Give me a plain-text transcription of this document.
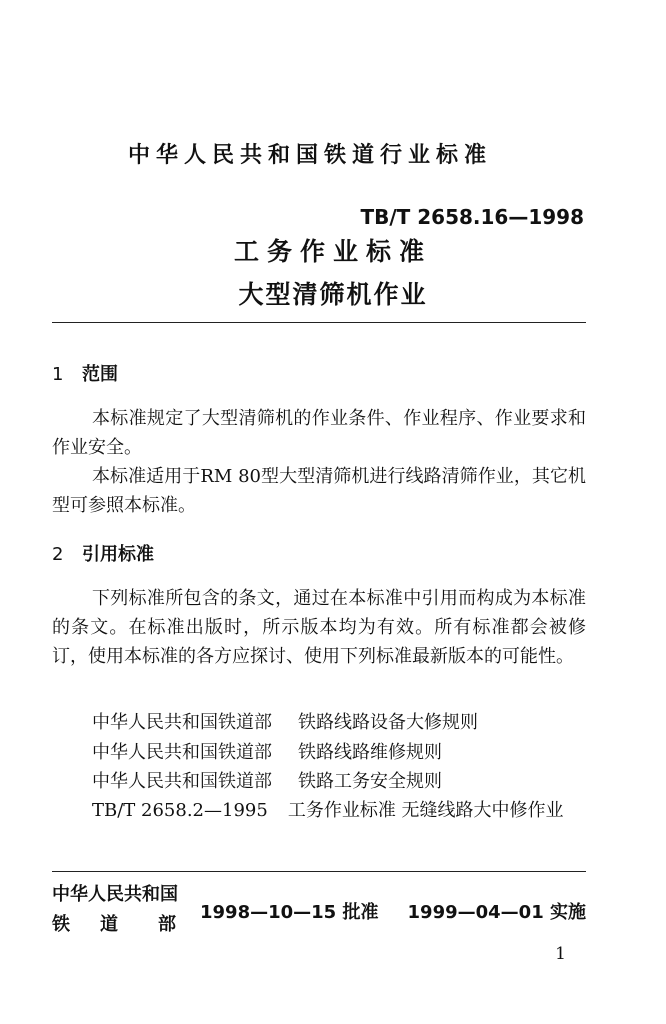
中华人民共和国铁道行业标准
TB/T 2658.16—1998
工务作业标准
大型清筛机作业
1 范围

本标准规定了大型清筛机的作业条件、作业程序、作业要求和作业安全。

本标准适用于RM 80型大型清筛机进行线路清筛作业，其它机型可参照本标准。

2 引用标准

下列标准所包含的条文，通过在本标准中引用而构成为本标准的条文。在标准出版时，所示版本均为有效。所有标准都会被修订，使用本标准的各方应探讨、使用下列标准最新版本的可能性。

中华人民共和国铁道部 铁路线路设备大修规则
中华人民共和国铁道部 铁路线路维修规则
中华人民共和国铁道部 铁路工务安全规则

TB/T 2658.2—1995 工务作业标准 无缝线路大中修作业

中华人民共和国
铁 道 部
1998—10—15 批准 1999—04—01 实施
1
